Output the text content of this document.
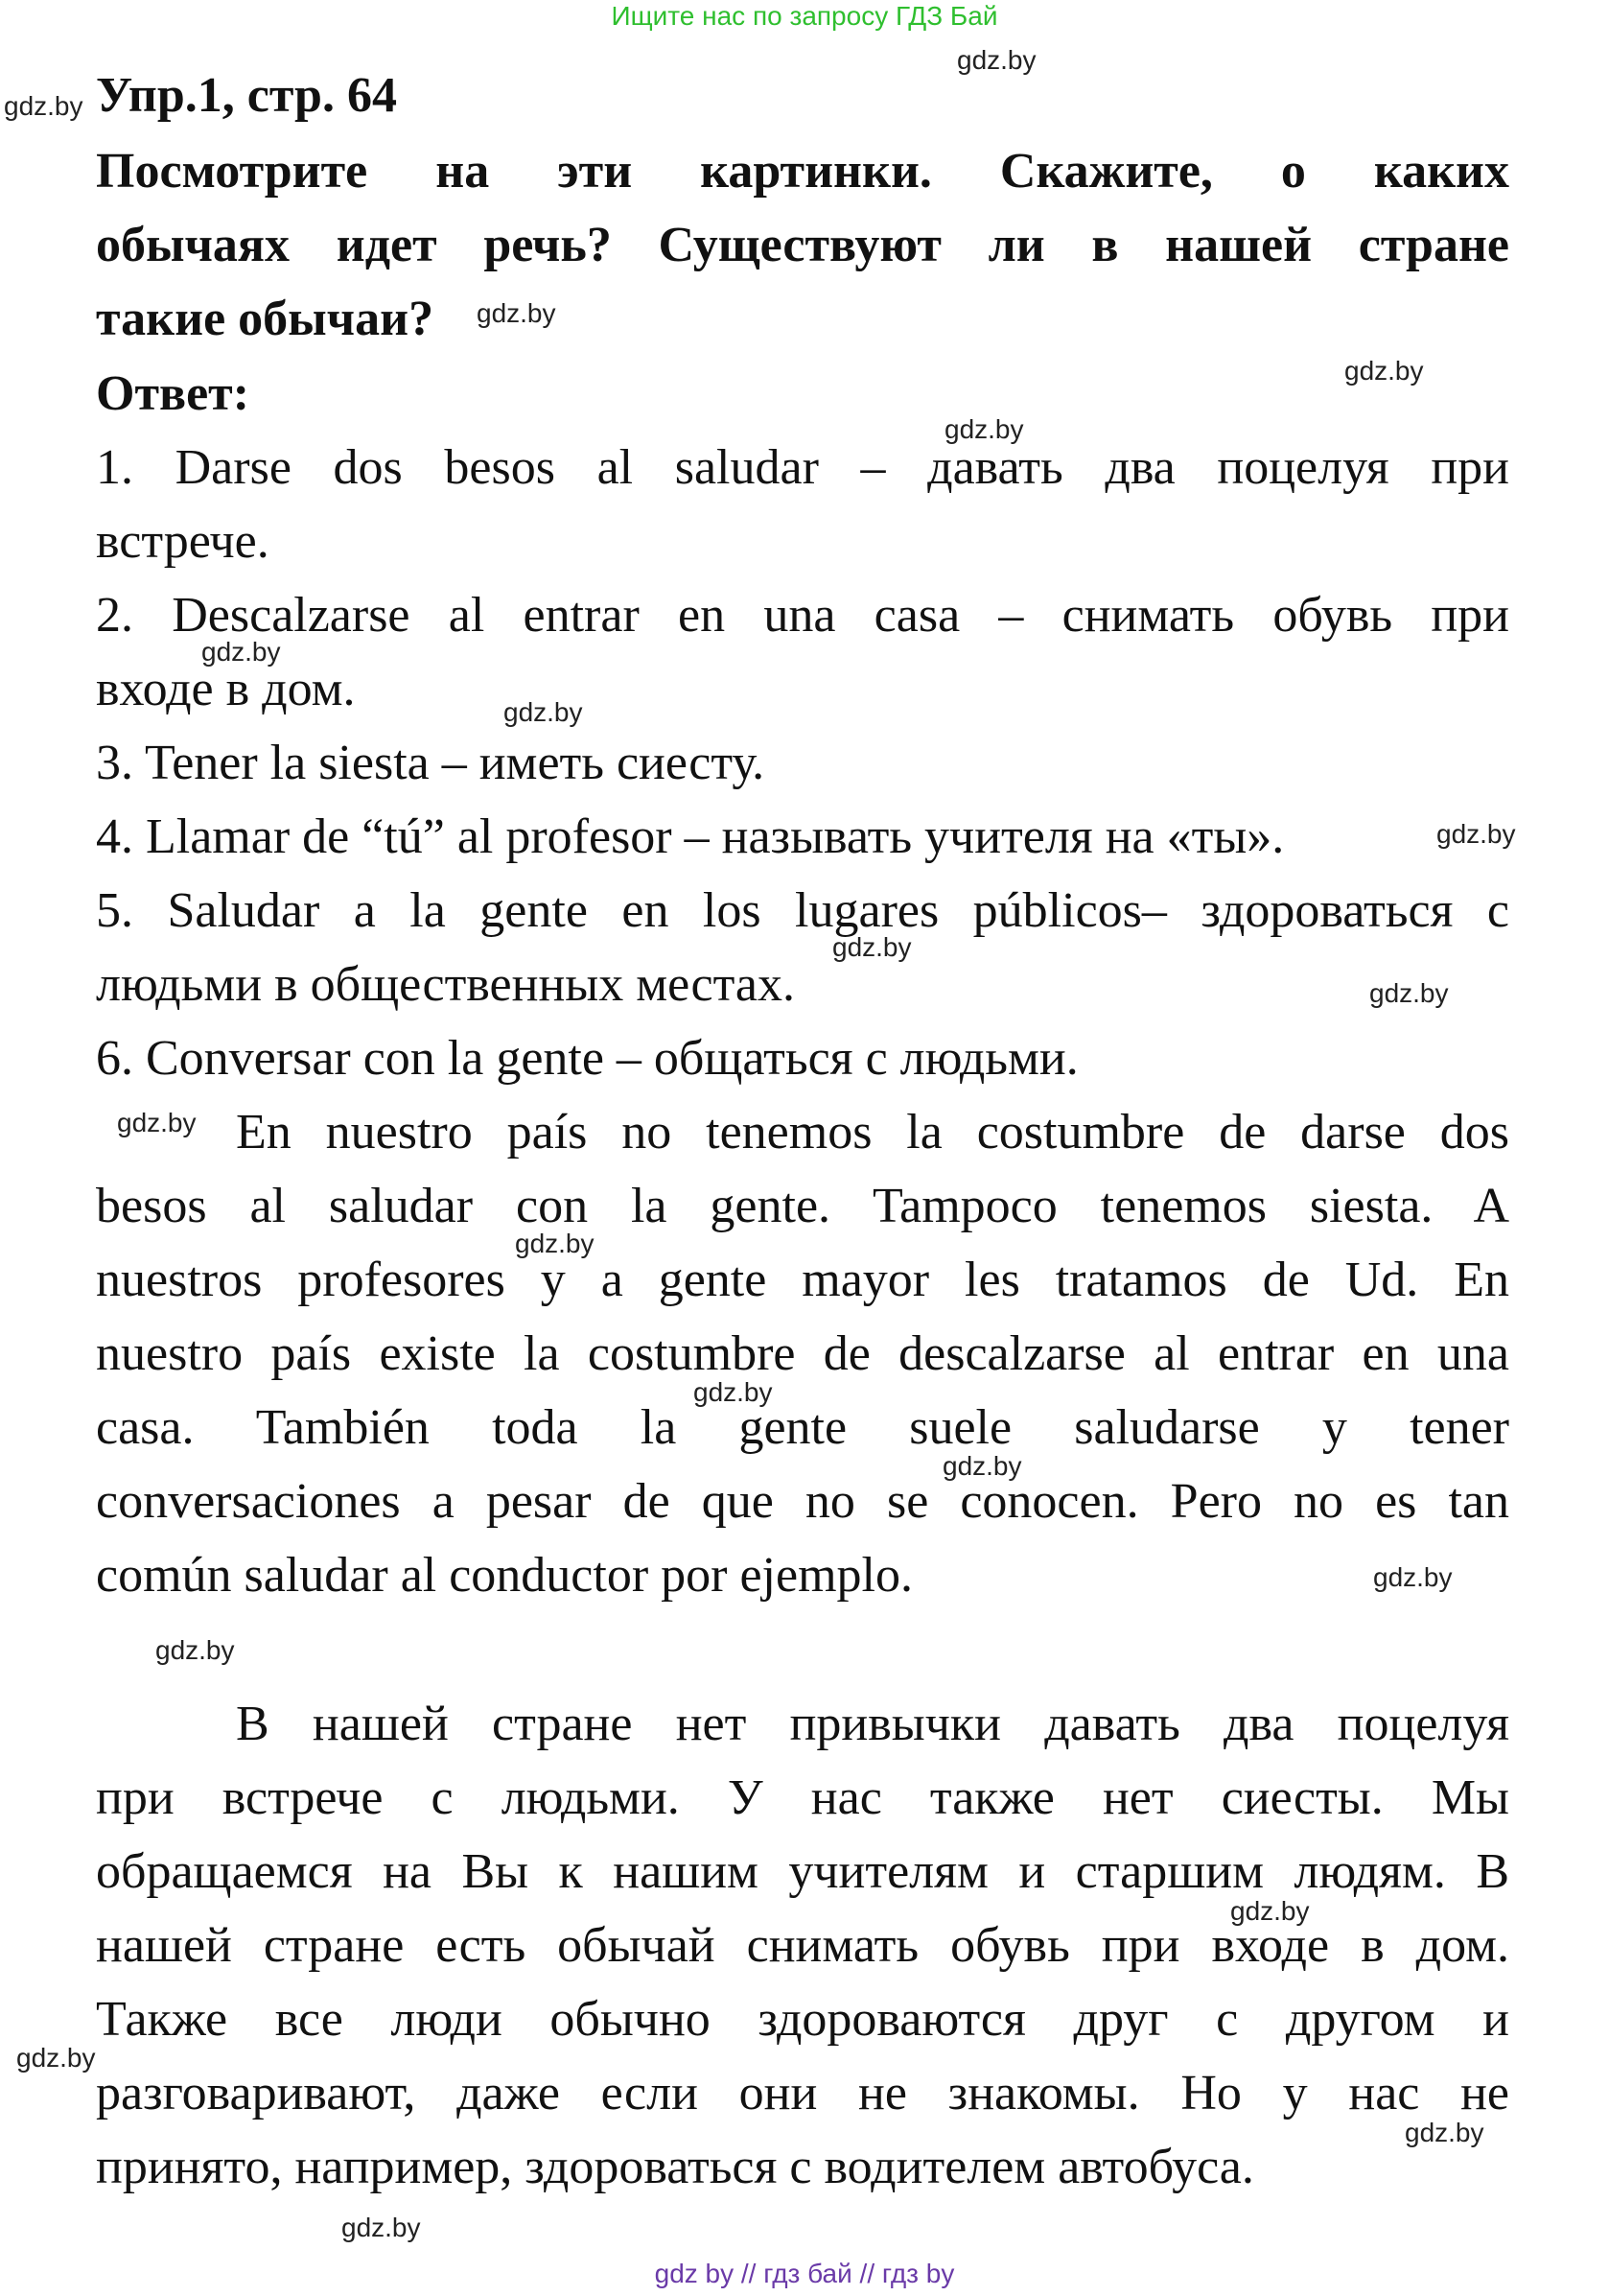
Ищите нас по запросу ГДЗ Бай
Упр.1, стр. 64
Посмотрите на эти картинки. Скажите, о каких
обычаях идет речь? Существуют ли в нашей стране
такие обычаи?
Ответ:
1. Darse dos besos al saludar – давать два поцелуя при
встрече.
2. Descalzarse al entrar en una casa – снимать обувь при
входе в дом.
3. Tener la siesta – иметь сиесту.
4. Llamar de “tú” al profesor – называть учителя на «ты».
5. Saludar a la gente en los lugares públicos– здороваться с
людьми в общественных местах.
6. Conversar con la gente – общаться с людьми.
En nuestro país no tenemos la costumbre de darse dos
besos al saludar con la gente. Tampoco tenemos siesta. A
nuestros profesores y a gente mayor les tratamos de Ud. En
nuestro país existe la costumbre de descalzarse al entrar en una
casa. También toda la gente suele saludarse y tener
conversaciones a pesar de que no se conocen. Pero no es tan
común saludar al conductor por ejemplo.
В нашей стране нет привычки давать два поцелуя
при встрече с людьми. У нас также нет сиесты. Мы
обращаемся на Вы к нашим учителям и старшим людям. В
нашей стране есть обычай снимать обувь при входе в дом.
Также все люди обычно здороваются друг с другом и
разговаривают, даже если они не знакомы. Но у нас не
принято, например, здороваться с водителем автобуса.
gdz.by
gdz.by
gdz.by
gdz.by
gdz.by
gdz.by
gdz.by
gdz.by
gdz.by
gdz.by
gdz.by
gdz.by
gdz.by
gdz.by
gdz.by
gdz.by
gdz.by
gdz.by
gdz.by
gdz.by
gdz by // гдз бай // гдз by
